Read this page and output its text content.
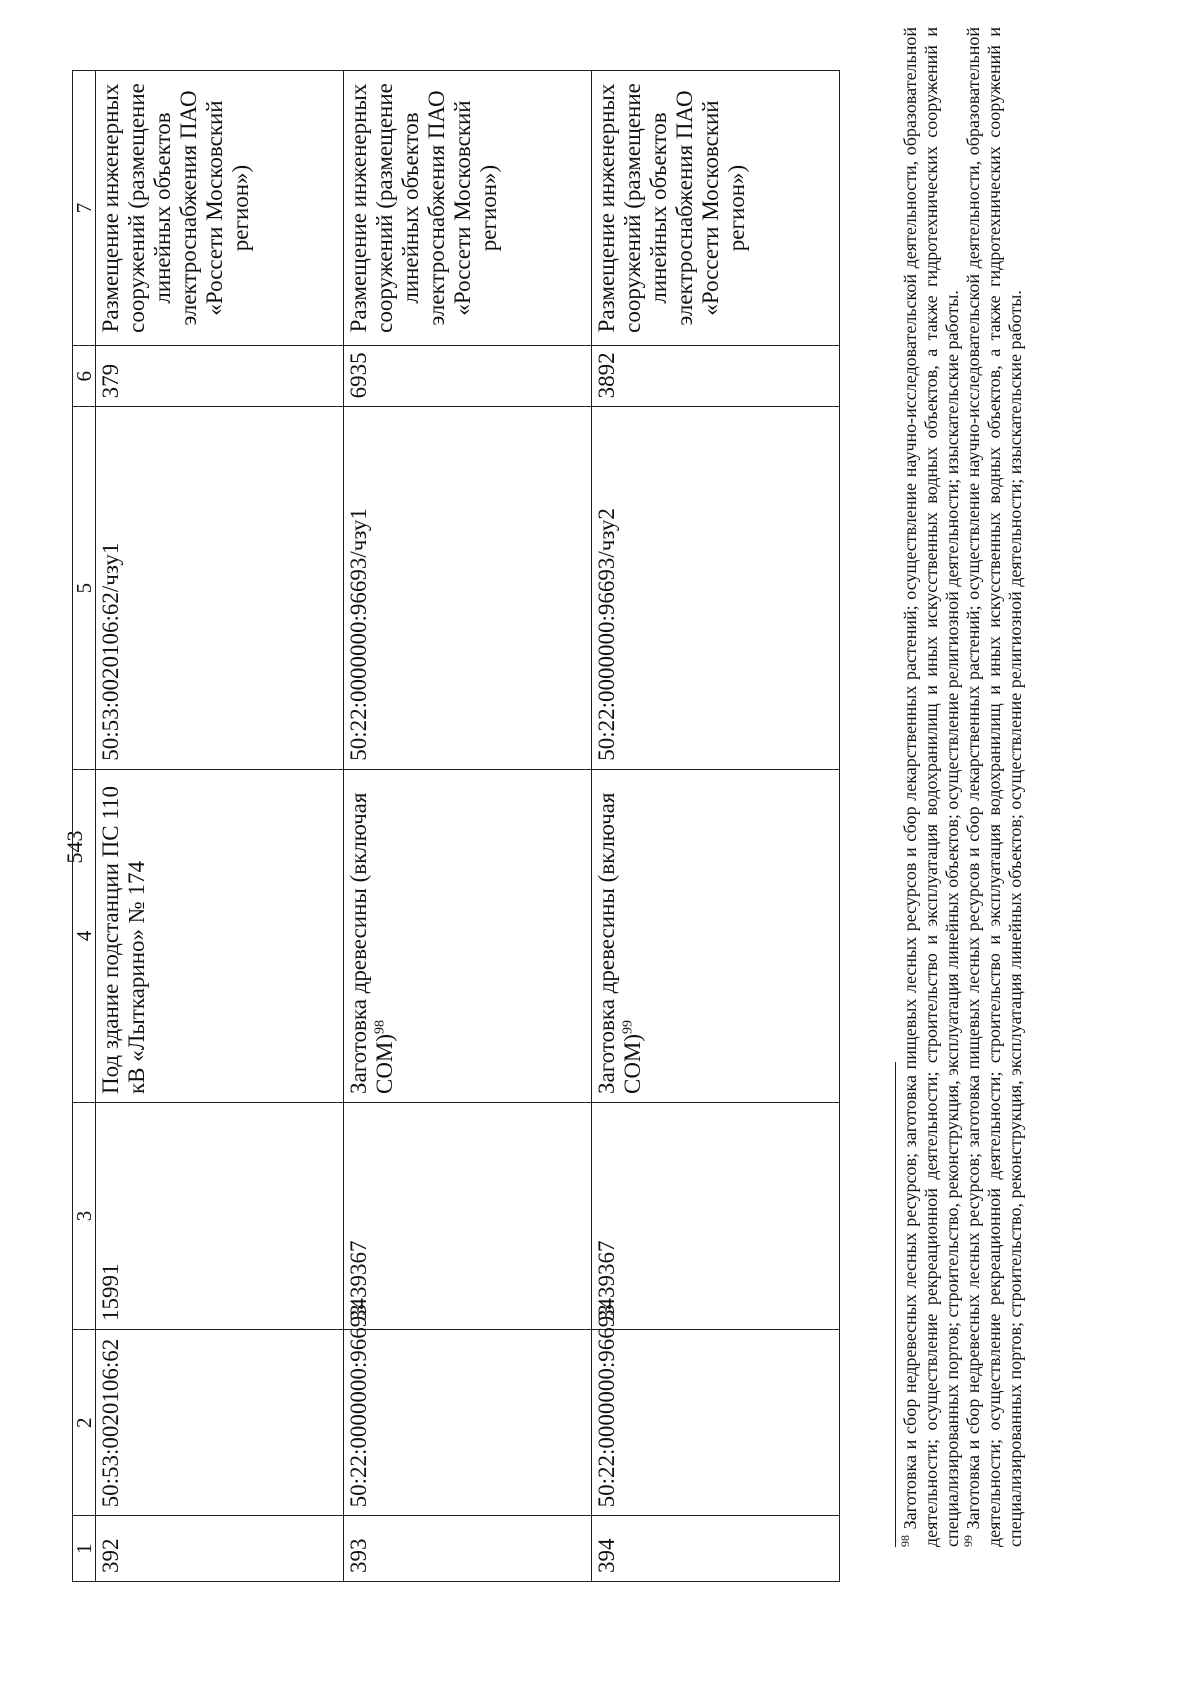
543
1	2	3	4	5	6	7
392	50:53:0020106:62	15991	Под здание подстанции ПС 110 кВ «Лыткарино» № 174	50:53:0020106:62/чзу1	379	Размещение инженерных сооружений (размещение линейных объектов электроснабжения ПАО «Россети Московский регион»)
393	50:22:0000000:96693	3439367	Заготовка древесины (включая СОМ)$^{98}$	50:22:0000000:96693/чзу1	6935	Размещение инженерных сооружений (размещение линейных объектов электроснабжения ПАО «Россети Московский регион»)
394	50:22:0000000:96693	3439367	Заготовка древесины (включая СОМ)$^{99}$	50:22:0000000:96693/чзу2	3892	Размещение инженерных сооружений (размещение линейных объектов электроснабжения ПАО «Россети Московский регион»)

$^{98}$ Заготовка и сбор недревесных лесных ресурсов; заготовка пищевых лесных ресурсов и сбор лекарственных растений; осуществление научно-исследовательской деятельности, образовательной деятельности; осуществление рекреационной деятельности; строительство и эксплуатация водохранилищ и иных искусственных водных объектов, а также гидротехнических сооружений и специализированных портов; строительство, реконструкция, эксплуатация линейных объектов; осуществление религиозной деятельности; изыскательские работы. $^{99}$ Заготовка и сбор недревесных лесных ресурсов; заготовка пищевых лесных ресурсов и сбор лекарственных растений; осуществление научно-исследовательской деятельности, образовательной деятельности; осуществление рекреационной деятельности; строительство и эксплуатация водохранилищ и иных искусственных водных объектов, а также гидротехнических сооружений и специализированных портов; строительство, реконструкция, эксплуатация линейных объектов; осуществление религиозной деятельности; изыскательские работы.
